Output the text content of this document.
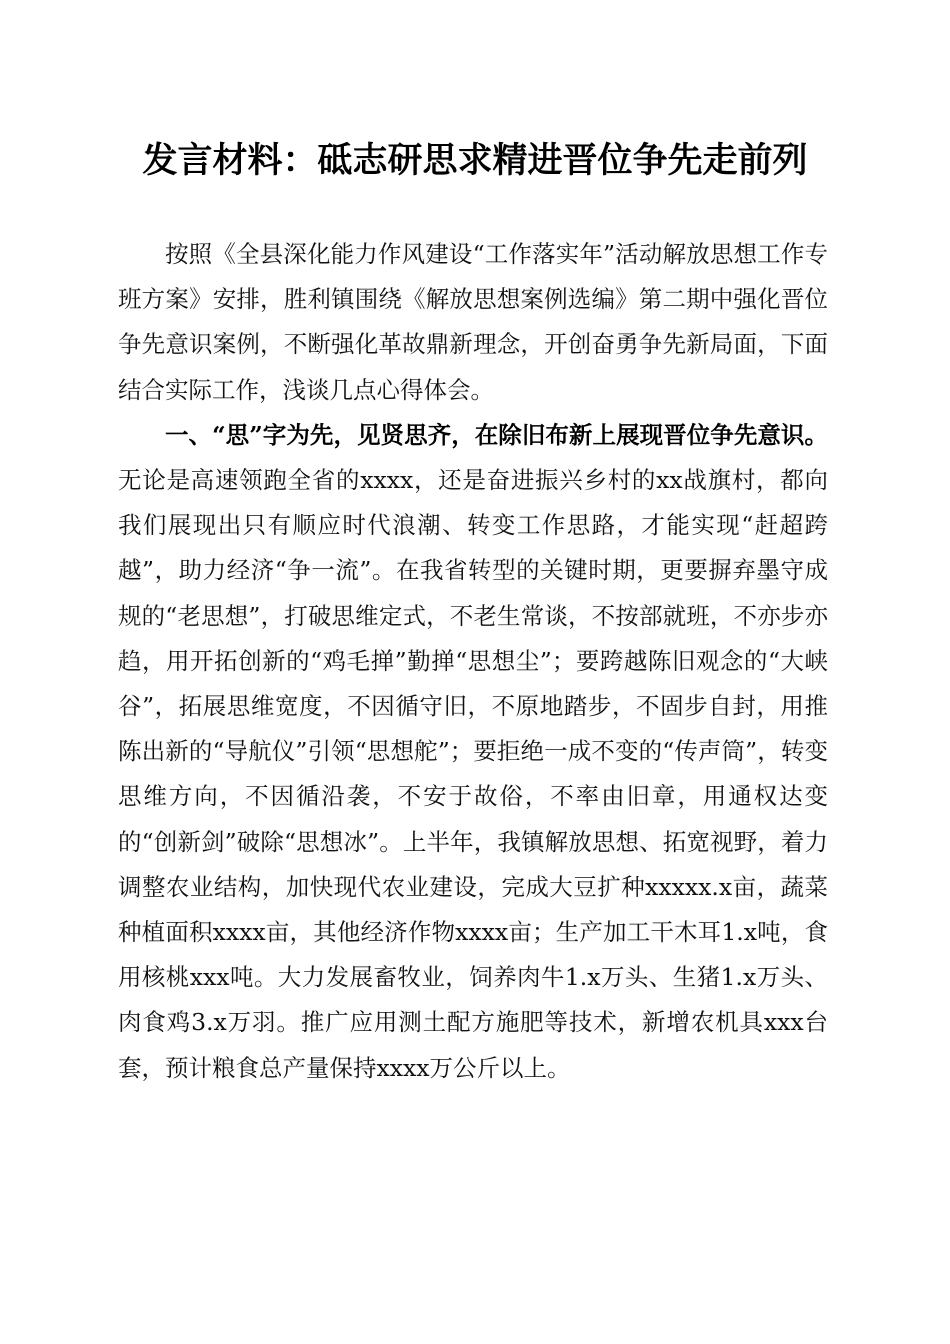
发言材料：砥志研思求精进晋位争先走前列

按照《全县深化能力作风建设“工作落实年”活动解放思想工作专班方案》安排，胜利镇围绕《解放思想案例选编》第二期中强化晋位争先意识案例，不断强化革故鼎新理念，开创奋勇争先新局面，下面结合实际工作，浅谈几点心得体会。

一、“思”字为先，见贤思齐，在除旧布新上展现晋位争先意识。无论是高速领跑全省的xxxx，还是奋进振兴乡村的xx战旗村，都向我们展现出只有顺应时代浪潮、转变工作思路，才能实现“赶超跨越”，助力经济“争一流”。在我省转型的关键时期，更要摒弃墨守成规的“老思想”，打破思维定式，不老生常谈，不按部就班，不亦步亦趋，用开拓创新的“鸡毛掸”勤掸“思想尘”；要跨越陈旧观念的“大峡谷”，拓展思维宽度，不因循守旧，不原地踏步，不固步自封，用推陈出新的“导航仪”引领“思想舵”；要拒绝一成不变的“传声筒”，转变思维方向，不因循沿袭，不安于故俗，不率由旧章，用通权达变的“创新剑”破除“思想冰”。上半年，我镇解放思想、拓宽视野，着力调整农业结构，加快现代农业建设，完成大豆扩种xxxxx.x亩，蔬菜种植面积xxxx亩，其他经济作物xxxx亩；生产加工干木耳1.x吨，食用核桃xxx吨。大力发展畜牧业，饲养肉牛1.x万头、生猪1.x万头、肉食鸡3.x万羽。推广应用测土配方施肥等技术，新增农机具xxx台套，预计粮食总产量保持xxxx万公斤以上。
